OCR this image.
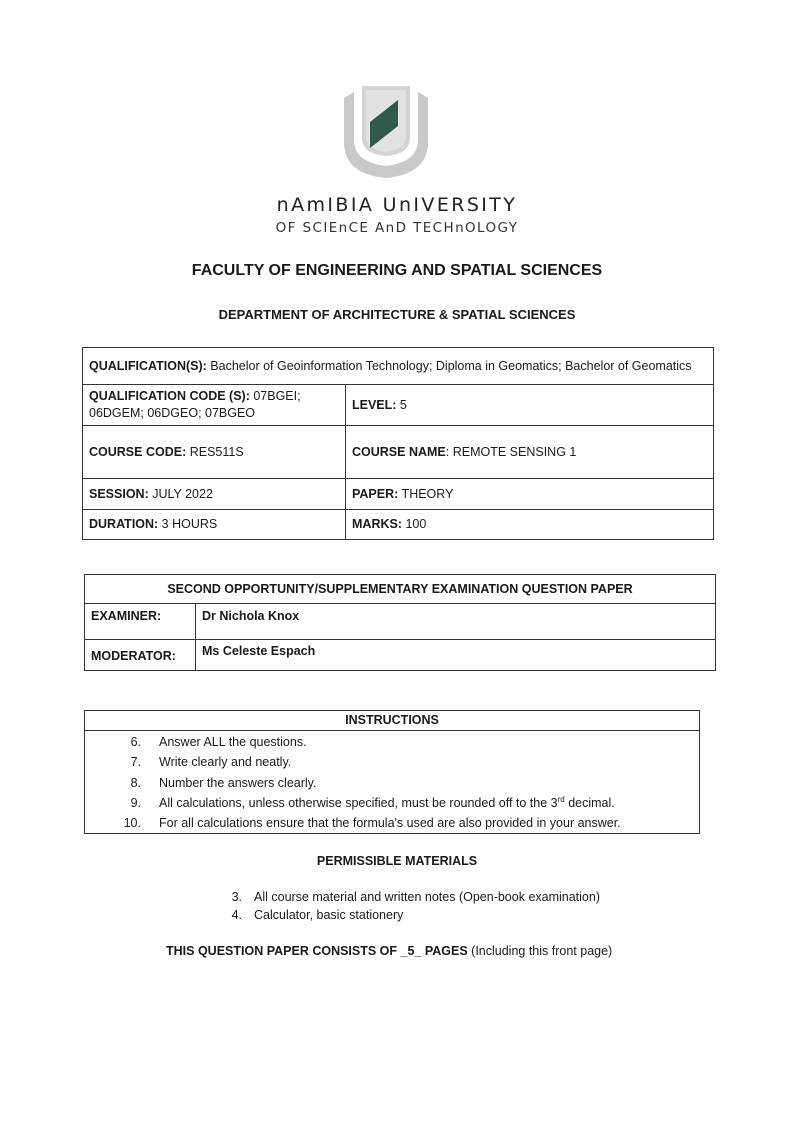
nAmIBIA UnIVERSITY
OF SCIEnCE AnD TECHnOLOGY
FACULTY OF ENGINEERING AND SPATIAL SCIENCES
DEPARTMENT OF ARCHITECTURE & SPATIAL SCIENCES
QUALIFICATION(S): Bachelor of Geoinformation Technology; Diploma in Geomatics; Bachelor of Geomatics	
QUALIFICATION CODE (S): 07BGEI; 06DGEM; 06DGEO; 07BGEO	LEVEL: 5
COURSE CODE: RES511S	COURSE NAME: REMOTE SENSING 1
SESSION: JULY 2022	PAPER: THEORY
DURATION: 3 HOURS	MARKS: 100
SECOND OPPORTUNITY/SUPPLEMENTARY EXAMINATION QUESTION PAPER	
EXAMINER:	Dr Nichola Knox
MODERATOR:	Ms Celeste Espach
INSTRUCTIONS
6. Answer ALL the questions.
7. Write clearly and neatly.
8. Number the answers clearly.
9. All calculations, unless otherwise specified, must be rounded off to the 3rd decimal.
10. For all calculations ensure that the formula's used are also provided in your answer.
PERMISSIBLE MATERIALS
3. All course material and written notes (Open-book examination)
4. Calculator, basic stationery
THIS QUESTION PAPER CONSISTS OF _5_ PAGES (Including this front page)
